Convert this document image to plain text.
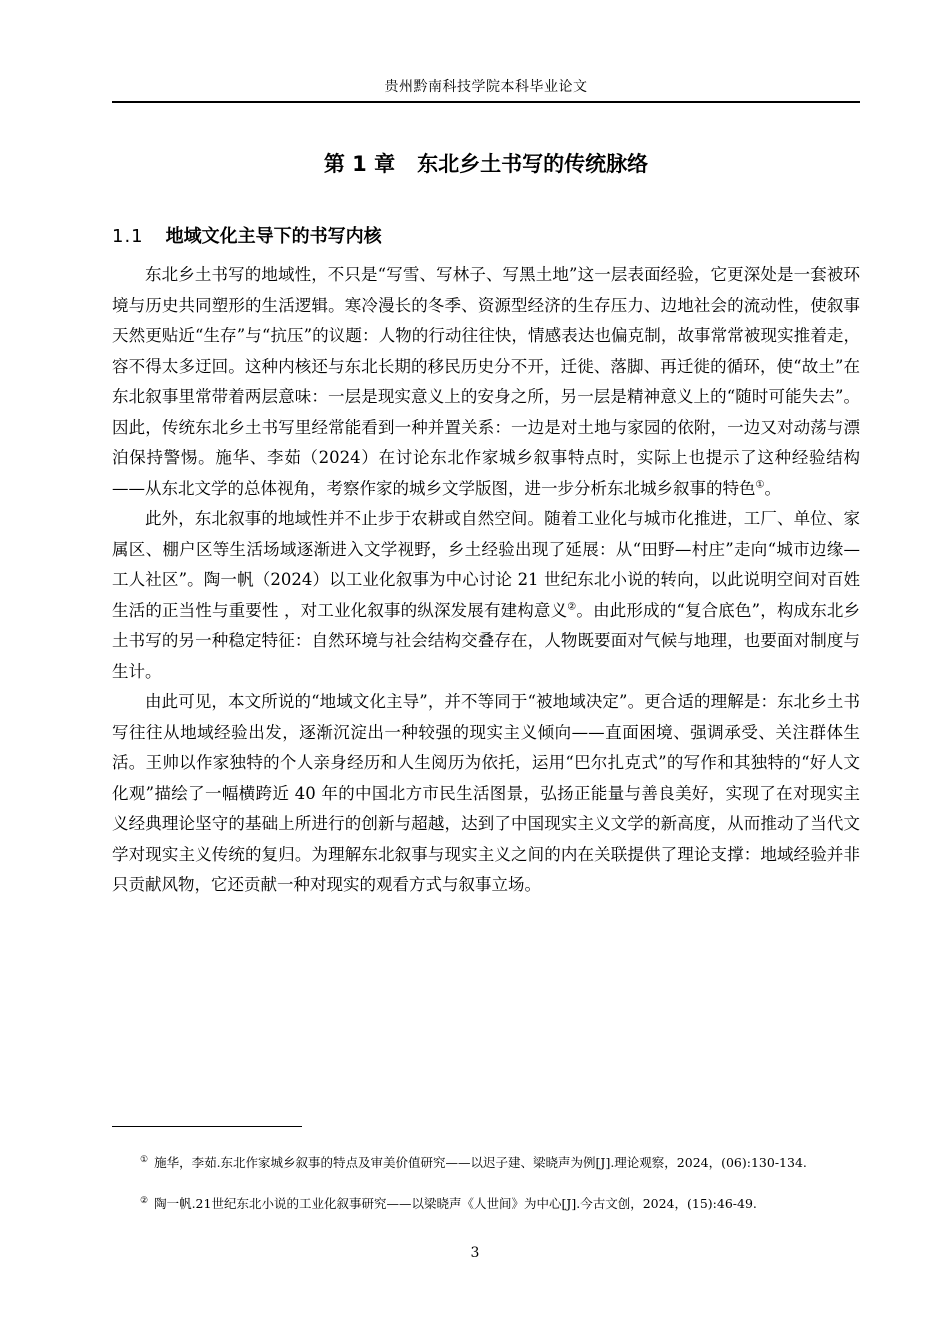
贵州黔南科技学院本科毕业论文
第 1 章 东北乡土书写的传统脉络
1.1 地域文化主导下的书写内核

东北乡土书写的地域性，不只是“写雪、写林子、写黑土地”这一层表面经验，它更深处是一套被环境与历史共同塑形的生活逻辑。寒冷漫长的冬季、资源型经济的生存压力、边地社会的流动性，使叙事天然更贴近“生存”与“抗压”的议题：人物的行动往往快，情感表达也偏克制，故事常常被现实推着走，容不得太多迂回。这种内核还与东北长期的移民历史分不开，迁徙、落脚、再迁徙的循环，使“故土”在东北叙事里常带着两层意味：一层是现实意义上的安身之所，另一层是精神意义上的“随时可能失去”。因此，传统东北乡土书写里经常能看到一种并置关系：一边是对土地与家园的依附，一边又对动荡与漂泊保持警惕。施华、李茹（2024）在讨论东北作家城乡叙事特点时，实际上也提示了这种经验结构——从东北文学的总体视角，考察作家的城乡文学版图，进一步分析东北城乡叙事的特色①。

此外，东北叙事的地域性并不止步于农耕或自然空间。随着工业化与城市化推进，工厂、单位、家属区、棚户区等生活场域逐渐进入文学视野，乡土经验出现了延展：从“田野—村庄”走向“城市边缘—工人社区”。陶一帆（2024）以工业化叙事为中心讨论 21 世纪东北小说的转向，以此说明空间对百姓生活的正当性与重要性 ，对工业化叙事的纵深发展有建构意义②。由此形成的“复合底色”，构成东北乡土书写的另一种稳定特征：自然环境与社会结构交叠存在，人物既要面对气候与地理，也要面对制度与生计。

由此可见，本文所说的“地域文化主导”，并不等同于“被地域决定”。更合适的理解是：东北乡土书写往往从地域经验出发，逐渐沉淀出一种较强的现实主义倾向——直面困境、强调承受、关注群体生活。王帅以作家独特的个人亲身经历和人生阅历为依托，运用“巴尔扎克式”的写作和其独特的“好人文化观”描绘了一幅横跨近 40 年的中国北方市民生活图景，弘扬正能量与善良美好，实现了在对现实主义经典理论坚守的基础上所进行的创新与超越，达到了中国现实主义文学的新高度，从而推动了当代文学对现实主义传统的复归。为理解东北叙事与现实主义之间的内在关联提供了理论支撑：地域经验并非只贡献风物，它还贡献一种对现实的观看方式与叙事立场。

① 施华，李茹.东北作家城乡叙事的特点及审美价值研究——以迟子建、梁晓声为例[J].理论观察，2024，(06):130-134.

② 陶一帆.21世纪东北小说的工业化叙事研究——以梁晓声《人世间》为中心[J].今古文创，2024，(15):46-49.

3
